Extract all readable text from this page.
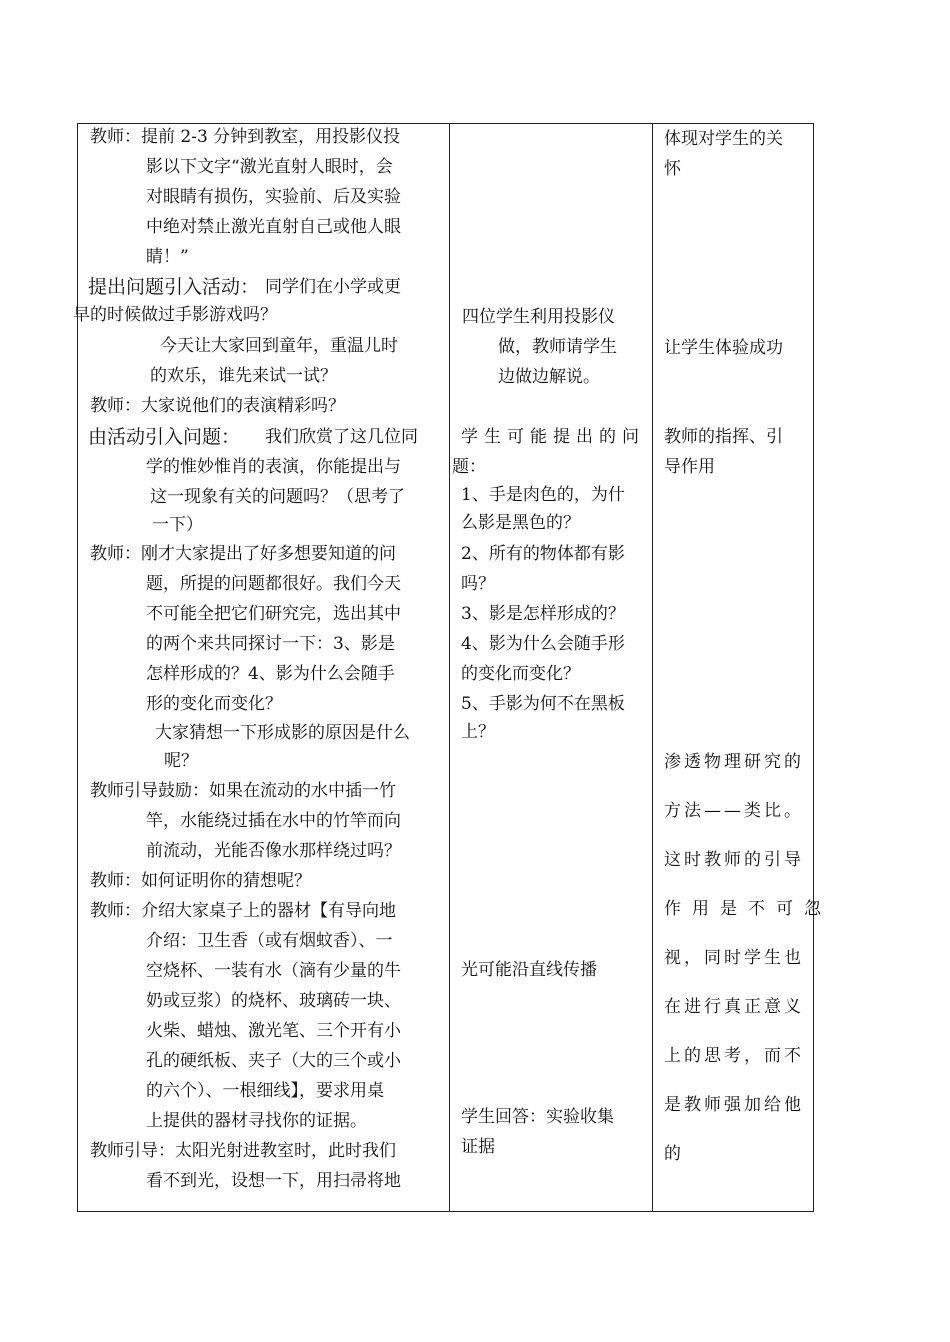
教师：提前 2-3 分钟到教室，用投影仪投
影以下文字“激光直射人眼时，会
对眼睛有损伤，实验前、后及实验
中绝对禁止激光直射自己或他人眼
睛！”
提出问题引入活动： 同学们在小学或更
早的时候做过手影游戏吗？
今天让大家回到童年，重温儿时
的欢乐，谁先来试一试？
教师：大家说他们的表演精彩吗？
由活动引入问题： 我们欣赏了这几位同
学的惟妙惟肖的表演，你能提出与
这一现象有关的问题吗？（思考了
一下）
教师：刚才大家提出了好多想要知道的问
题，所提的问题都很好。我们今天
不可能全把它们研究完，选出其中
的两个来共同探讨一下：3、影是
怎样形成的？4、影为什么会随手
形的变化而变化？
大家猜想一下形成影的原因是什么
呢？
教师引导鼓励：如果在流动的水中插一竹
竿，水能绕过插在水中的竹竿而向
前流动，光能否像水那样绕过吗？
教师：如何证明你的猜想呢？
教师：介绍大家桌子上的器材【有导向地
介绍：卫生香（或有烟蚊香）、一
空烧杯、一装有水（滴有少量的牛
奶或豆浆）的烧杯、玻璃砖一块、
火柴、蜡烛、激光笔、三个开有小
孔的硬纸板、夹子（大的三个或小
的六个）、一根细线】，要求用桌
上提供的器材寻找你的证据。
教师引导：太阳光射进教室时，此时我们
看不到光，设想一下，用扫帚将地
四位学生利用投影仪
做，教师请学生
边做边解说。
学生可能提出的问
题：
1、手是肉色的，为什
么影是黑色的？
2、所有的物体都有影
吗？
3、影是怎样形成的？
4、影为什么会随手形
的变化而变化？
5、手影为何不在黑板
上？
光可能沿直线传播
学生回答：实验收集
证据
体现对学生的关
怀
让学生体验成功
教师的指挥、引
导作用
渗透物理研究的
方法——类比。
这时教师的引导
作用是不可忽
视，同时学生也
在进行真正意义
上的思考，而不
是教师强加给他
的
